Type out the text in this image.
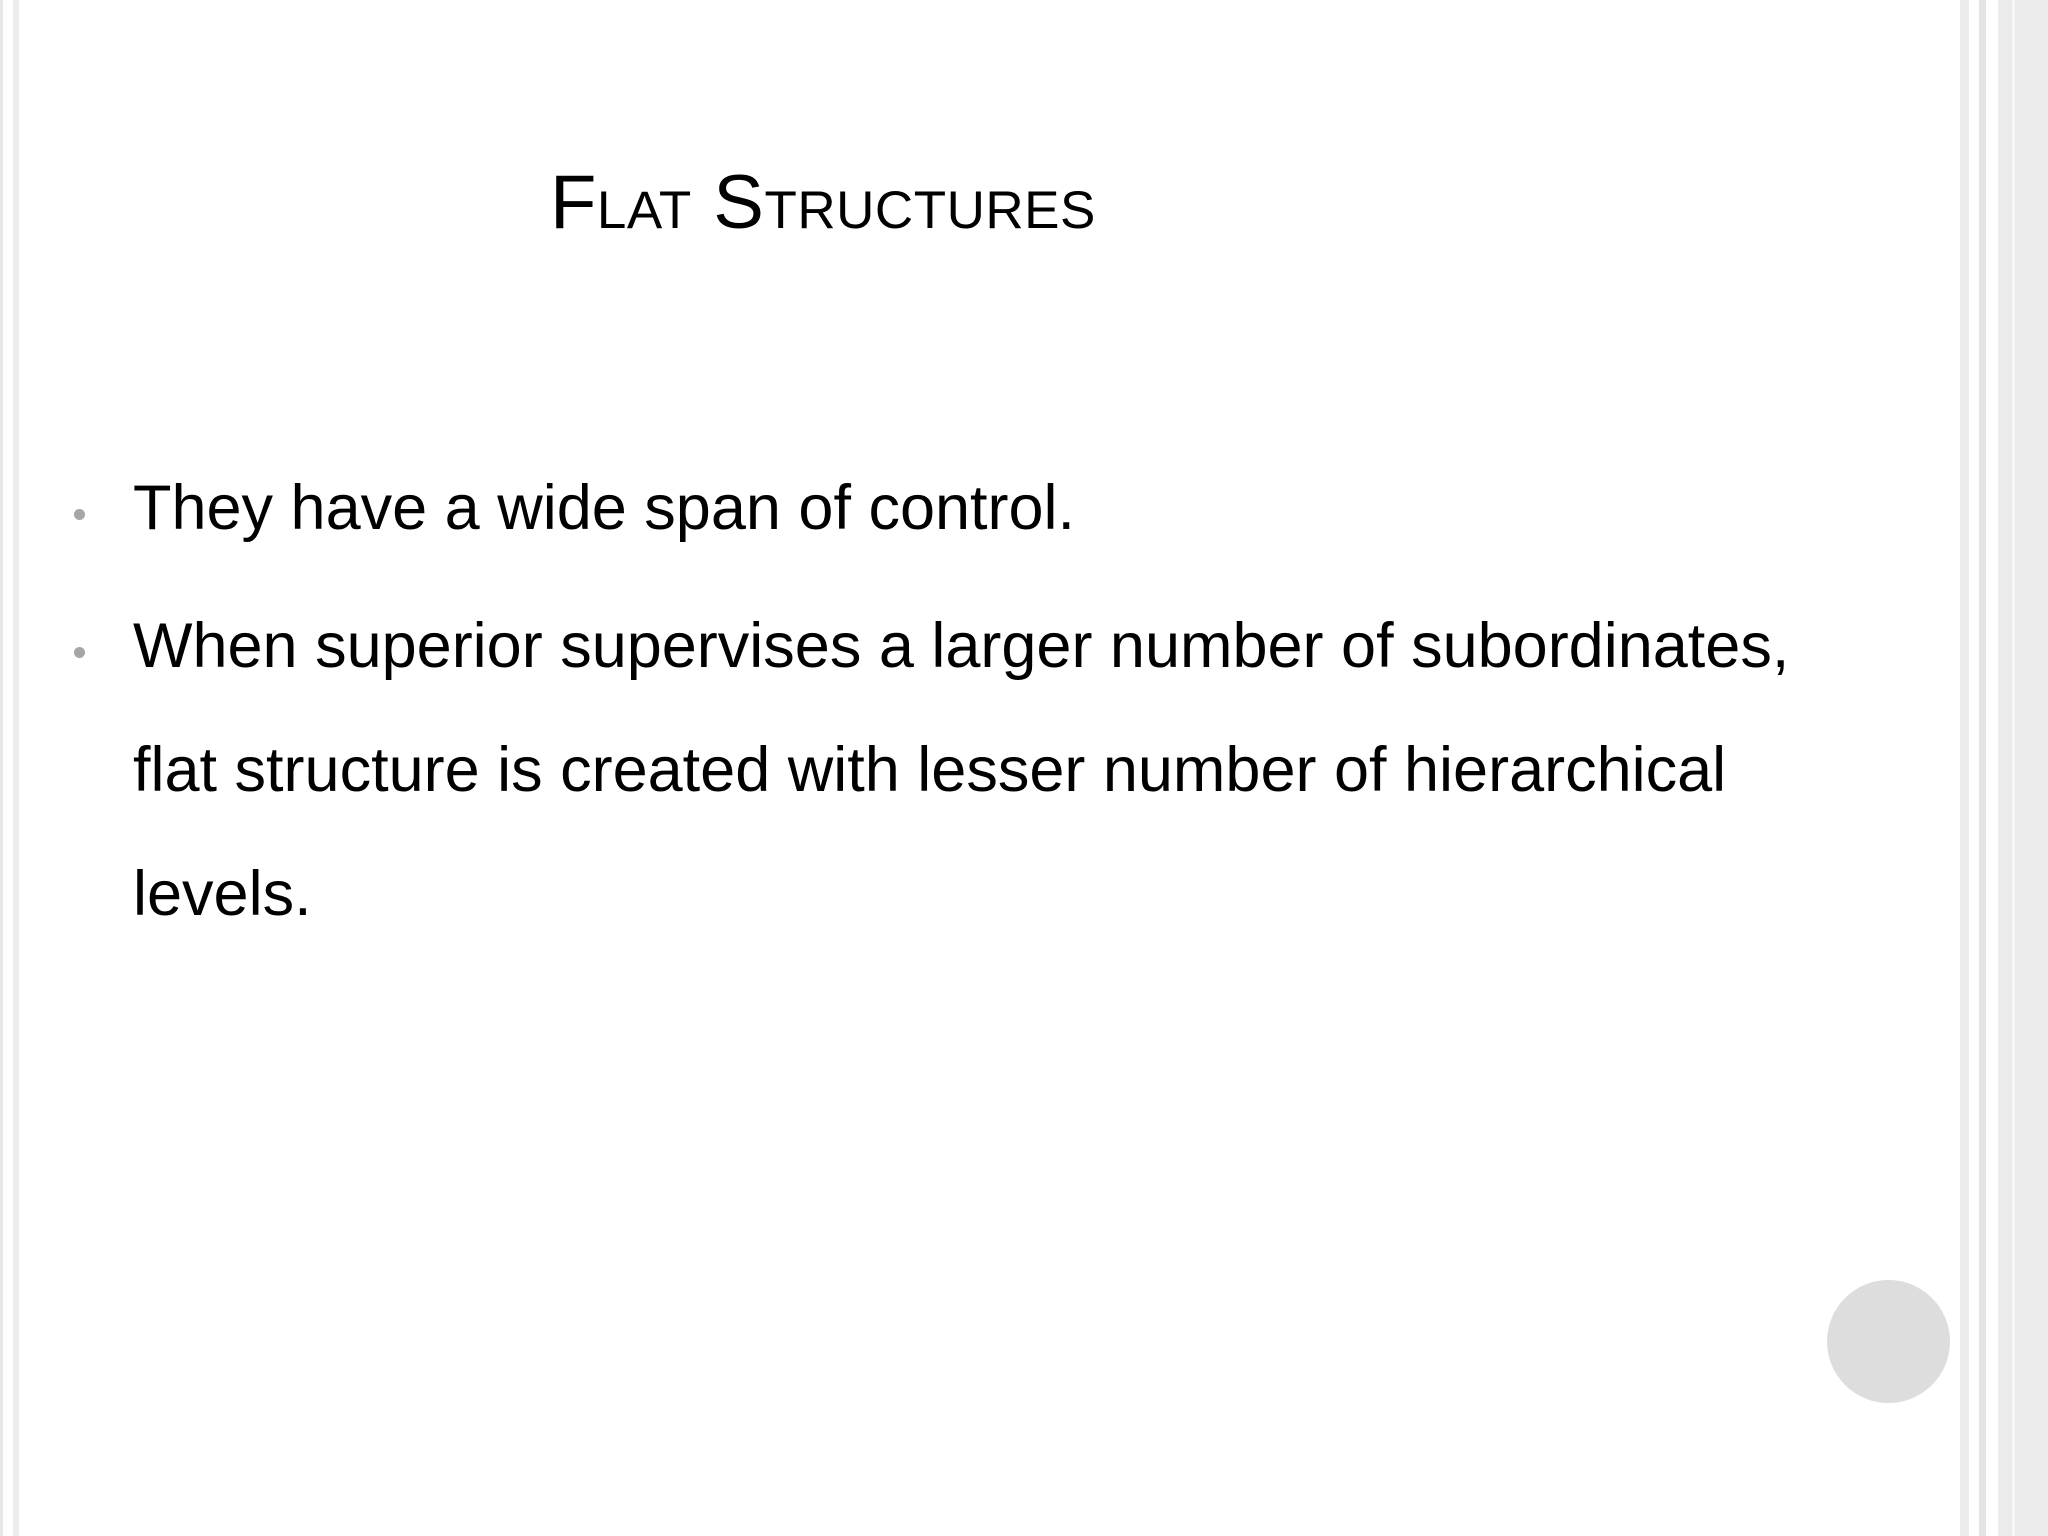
Flat Structures
They have a wide span of control.
When superior supervises a larger number of subordinates,
flat structure is created with lesser number of hierarchical
levels.
